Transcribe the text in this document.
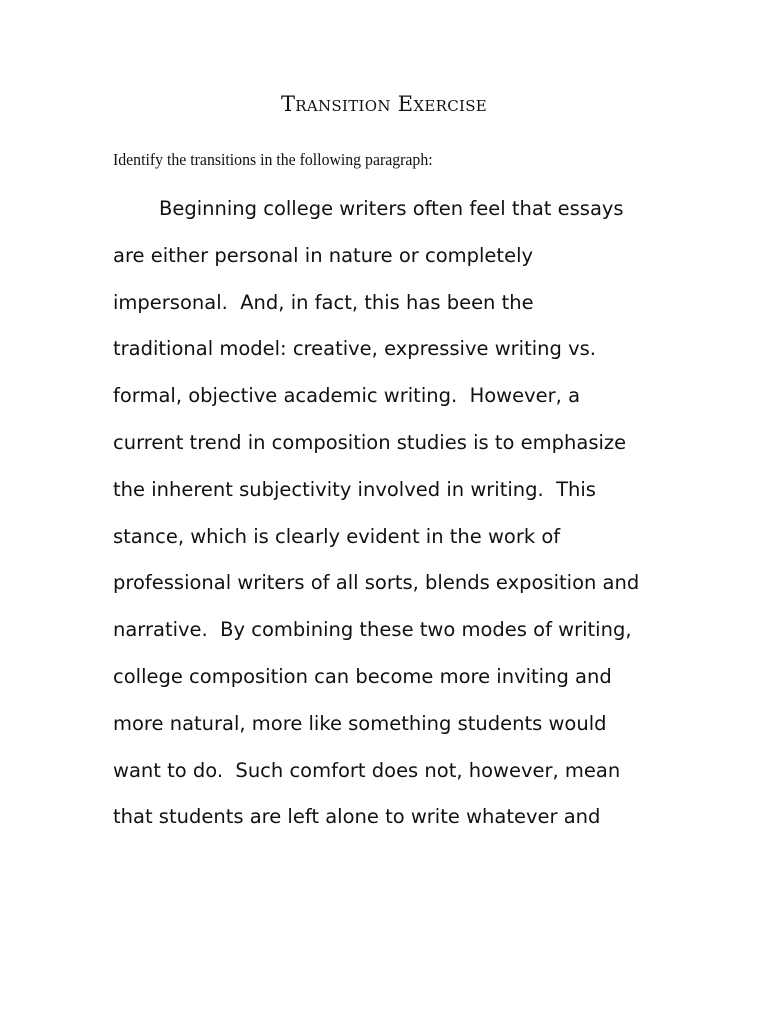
Transition Exercise

Identify the transitions in the following paragraph:

Beginning college writers often feel that essays
are either personal in nature or completely
impersonal.  And, in fact, this has been the
traditional model: creative, expressive writing vs.
formal, objective academic writing.  However, a
current trend in composition studies is to emphasize
the inherent subjectivity involved in writing.  This
stance, which is clearly evident in the work of
professional writers of all sorts, blends exposition and
narrative.  By combining these two modes of writing,
college composition can become more inviting and
more natural, more like something students would
want to do.  Such comfort does not, however, mean
that students are left alone to write whatever and
